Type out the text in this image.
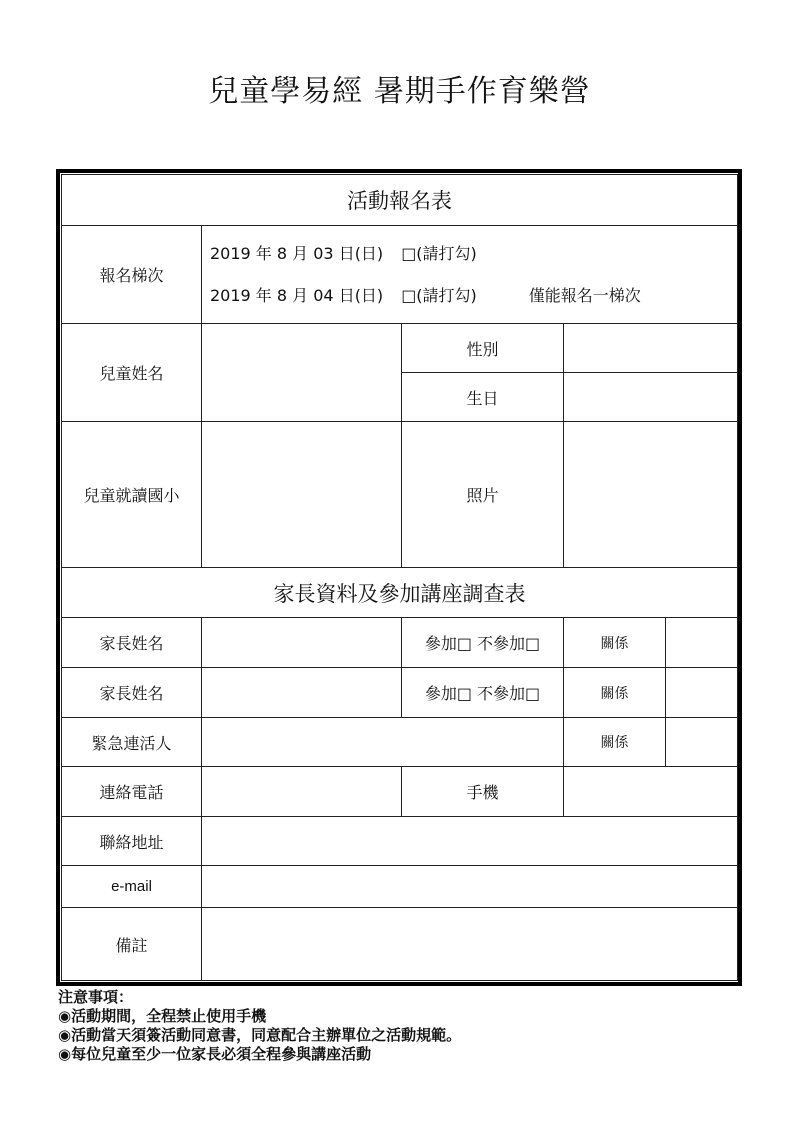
兒童學易經 暑期手作育樂營
活動報名表				
報名梯次	2019 年 8 月 03 日(日) □(請打勾)
2019 年 8 月 04 日(日) □(請打勾) 僅能報名一梯次			

兒童姓名		性別		
		生日		
兒童就讀國小		照片		
家長資料及參加講座調查表				
家長姓名		參加□ 不參加□	關係	
家長姓名		參加□ 不參加□	關係	
緊急連活人			關係	
連絡電話		手機		
聯絡地址				
e-mail				
備註				
注意事項：
◉活動期間，全程禁止使用手機
◉活動當天須簽活動同意書，同意配合主辦單位之活動規範。
◉每位兒童至少一位家長必須全程參與講座活動
